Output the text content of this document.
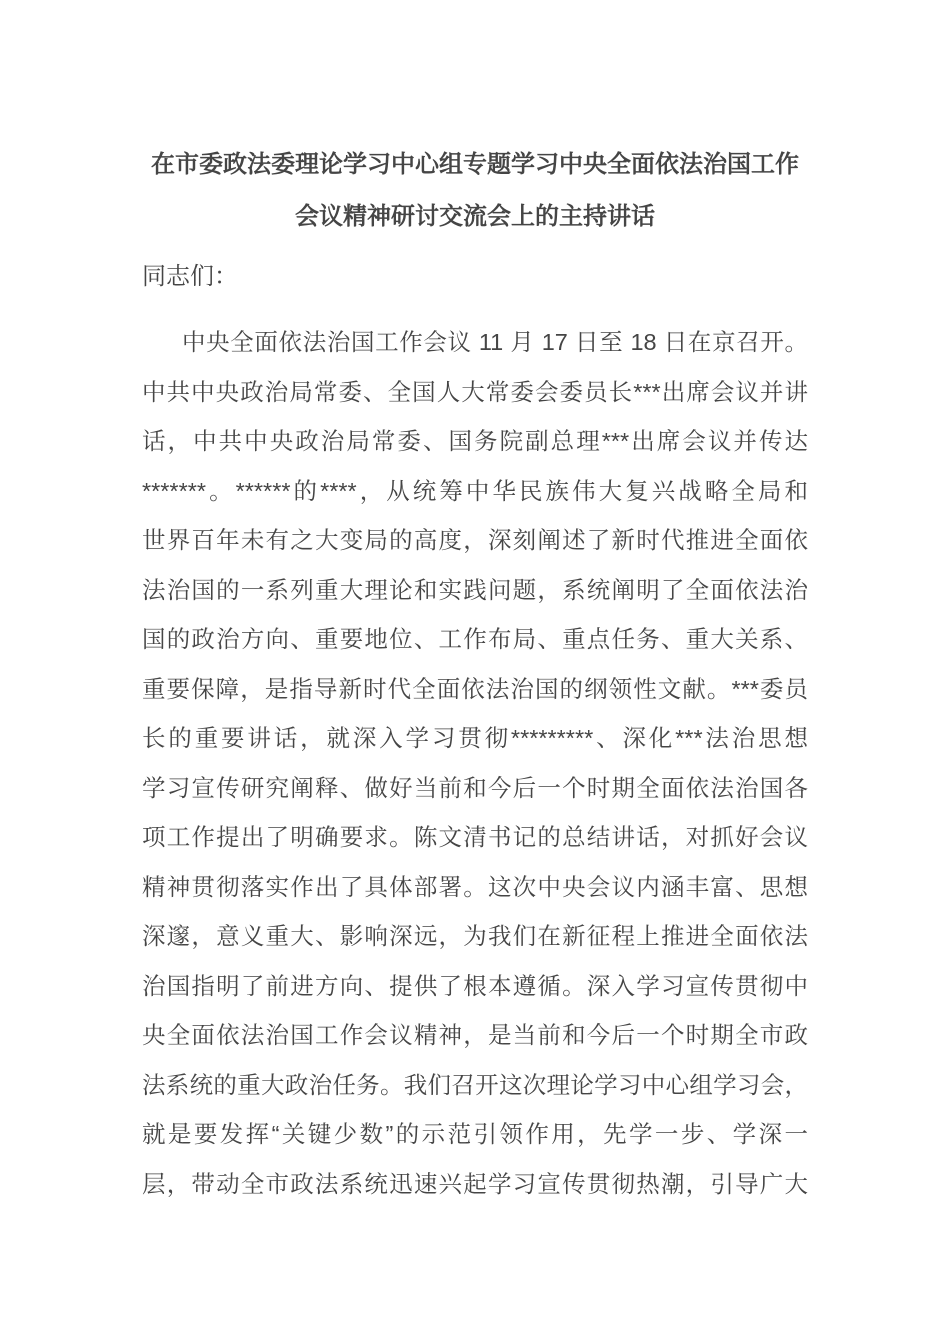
在市委政法委理论学习中心组专题学习中央全面依法治国工作
会议精神研讨交流会上的主持讲话

同志们：

中央全面依法治国工作会议 11 月 17 日至 18 日在京召开。
中共中央政治局常委、全国人大常委会委员长***出席会议并讲
话，中共中央政治局常委、国务院副总理***出席会议并传达
*******。******的****，从统筹中华民族伟大复兴战略全局和
世界百年未有之大变局的高度，深刻阐述了新时代推进全面依
法治国的一系列重大理论和实践问题，系统阐明了全面依法治
国的政治方向、重要地位、工作布局、重点任务、重大关系、
重要保障，是指导新时代全面依法治国的纲领性文献。***委员
长的重要讲话，就深入学习贯彻*********、深化***法治思想
学习宣传研究阐释、做好当前和今后一个时期全面依法治国各
项工作提出了明确要求。陈文清书记的总结讲话，对抓好会议
精神贯彻落实作出了具体部署。这次中央会议内涵丰富、思想
深邃，意义重大、影响深远，为我们在新征程上推进全面依法
治国指明了前进方向、提供了根本遵循。深入学习宣传贯彻中
央全面依法治国工作会议精神，是当前和今后一个时期全市政
法系统的重大政治任务。我们召开这次理论学习中心组学习会，
就是要发挥“关键少数”的示范引领作用，先学一步、学深一
层，带动全市政法系统迅速兴起学习宣传贯彻热潮，引导广大
